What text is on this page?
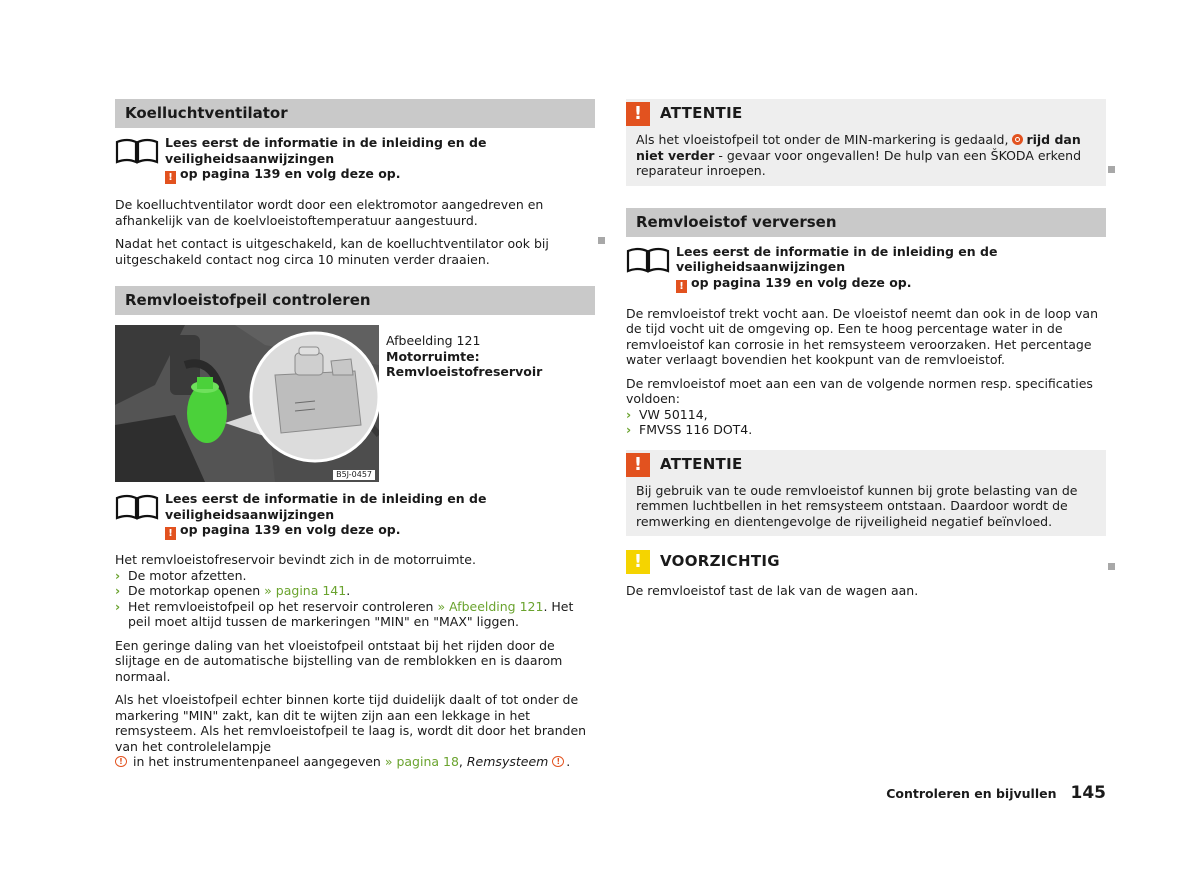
Koelluchtventilator
Lees eerst de informatie in de inleiding en de veiligheidsaanwijzingen
! op pagina 139 en volg deze op.

De koelluchtventilator wordt door een elektromotor aangedreven en afhankelijk van de koelvloeistoftemperatuur aangestuurd.

Nadat het contact is uitgeschakeld, kan de koelluchtventilator ook bij uitgeschakeld contact nog circa 10 minuten verder draaien.

Remvloeistofpeil controleren
B5J-0457
Afbeelding 121
Motorruimte: Remvloeistofreservoir
Lees eerst de informatie in de inleiding en de veiligheidsaanwijzingen
! op pagina 139 en volg deze op.

Het remvloeistofreservoir bevindt zich in de motorruimte.

› De motor afzetten.
› De motorkap openen » pagina 141.
› Het remvloeistofpeil op het reservoir controleren » Afbeelding 121. Het peil moet altijd tussen de markeringen "MIN" en "MAX" liggen.

Een geringe daling van het vloeistofpeil ontstaat bij het rijden door de slijtage en de automatische bijstelling van de remblokken en is daarom normaal.

Als het vloeistofpeil echter binnen korte tijd duidelijk daalt of tot onder de markering "MIN" zakt, kan dit te wijten zijn aan een lekkage in het remsysteem. Als het remvloeistofpeil te laag is, wordt dit door het branden van het controlelelampje
! in het instrumentenpaneel aangegeven » pagina 18, Remsysteem ! .

!	ATTENTIE
Als het vloeistofpeil tot onder de MIN-markering is gedaald, rijd dan niet verder - gevaar voor ongevallen! De hulp van een ŠKODA erkend reparateur inroepen.
Remvloeistof verversen
Lees eerst de informatie in de inleiding en de veiligheidsaanwijzingen
! op pagina 139 en volg deze op.

De remvloeistof trekt vocht aan. De vloeistof neemt dan ook in de loop van de tijd vocht uit de omgeving op. Een te hoog percentage water in de remvloeistof kan corrosie in het remsysteem veroorzaken. Het percentage water verlaagt bovendien het kookpunt van de remvloeistof.

De remvloeistof moet aan een van de volgende normen resp. specificaties voldoen:

› VW 50114,
› FMVSS 116 DOT4.
!	ATTENTIE
Bij gebruik van te oude remvloeistof kunnen bij grote belasting van de remmen luchtbellen in het remsysteem ontstaan. Daardoor wordt de remwerking en dientengevolge de rijveiligheid negatief beïnvloed.
!	VOORZICHTIG
De remvloeistof tast de lak van de wagen aan.
Controleren en bijvullen 145
